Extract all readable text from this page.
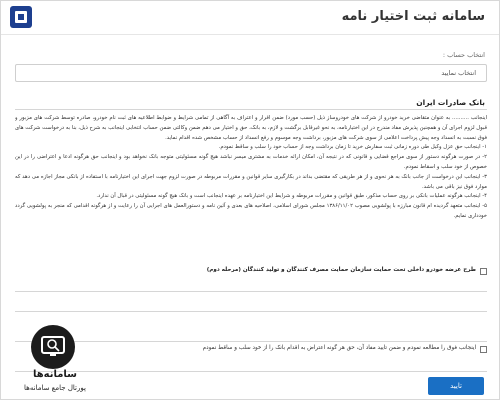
سامانه ثبت اختیار نامه
انتخاب حساب :
انتخاب نمایید
بانک صادرات ایران

اینجانب .......... به عنوان متقاضی خرید خودرو از شرکت های خودروساز ذیل (حسب مورد) ضمن اقرار و اعتراف به آگاهی از تمامی شرایط و ضوابط اطلاعیه های ثبت نام خودرو، صادره توسط شرکت های مزبور و قبول لزوم اجرای آن و همچنین پذیرش مفاد مندرج در این اختیارنامه، به نحو غیرقابل برگشت و لازم، به بانک، حق و اختیار می دهم ضمن وکالتی ضمن حساب انتخابی اینجانب به شرح ذیل، بنا به درخواست شرکت های فوق نسبت به انسداد وجه پیش پرداخت اعلامی از سوی شرکت های مزبور، برداشت وجه موسوم و رفع انسداد از حساب مشخص شده اقدام نماید.

۱- اینجانب حق عزل وکیل طی دوره زمانی ثبت سفارش خرید تا زمان برداشت وجه از حساب خود را سلب و ساقط نمودم.

۲- در صورت هرگونه دستور از سوی مراجع قضایی و قانونی که در نتیجه آن، امکان ارائه خدمات به مشتری میسر نباشد هیچ گونه مسئولیتی متوجه بانک نخواهد بود و اینجانب حق هرگونه ادعا و اعتراضی را در این خصوص از خود سلب و اسقاط نمودم.

۳- اینجانب این درخواست از جانب بانک به هر نحوی و از هر طریقی که مقتضی بداند در بکارگیری سایر قوانین و مقررات مربوطه در صورت لزوم جهت اجرای این اختیارنامه با استفاده از بانکی مجاز اجازه می دهد که موارد فوق نیز باقی می باشد.

۴- اینجانب هرگونه عملیات بانکی بر روی حساب مذکور، طبق قوانین و مقررات مربوطه و شرایط این اختیارنامه بر عهده اینجانب است و بانک هیچ گونه مسئولیتی در قبال آن ندارد.

۵- اینجانب متعهد گردیده ام قانون مبارزه با پولشویی مصوب ۱۳۸۶/۱۱/۰۲ مجلس شورای اسلامی، اصلاحیه های بعدی و آئین نامه و دستورالعمل های اجرایی آن را رعایت و از هرگونه اقدامی که منجر به پولشویی گردد خودداری نمایم.

طرح عرضه خودرو داخلی تحت حمایت سازمان حمایت مصرف کنندگان و تولید کنندگان (مرحله دوم)
اینجانب فوق را مطالعه نمودم و ضمن تایید مفاد آن، حق هر گونه اعتراض به اقدام بانک را از خود سلب و ساقط نمودم
تایید
سامانه‌ها
پورتال جامع سامانه‌ها
